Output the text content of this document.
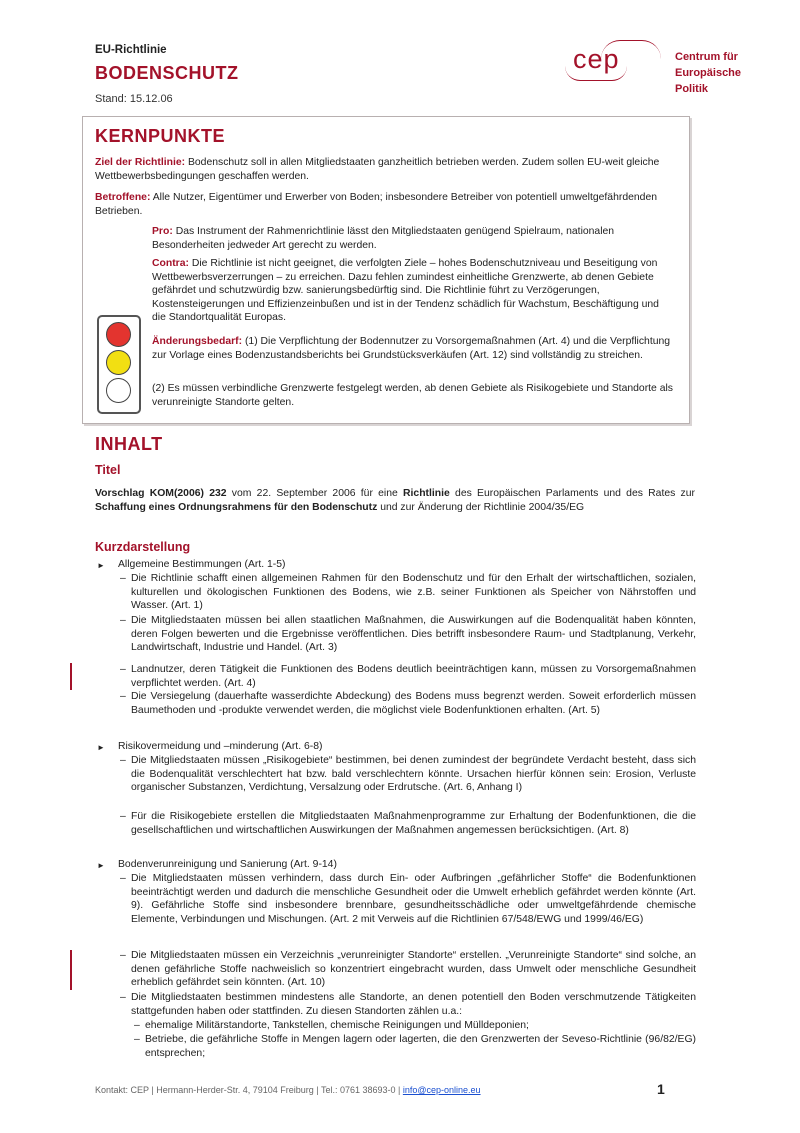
EU-Richtlinie
BODENSCHUTZ
Stand: 15.12.06
cep	Centrum für
Europäische
Politik
KERNPUNKTE
Ziel der Richtlinie: Bodenschutz soll in allen Mitgliedstaaten ganzheitlich betrieben werden. Zudem sollen EU-weit gleiche Wettbewerbsbedingungen geschaffen werden.
Betroffene: Alle Nutzer, Eigentümer und Erwerber von Boden; insbesondere Betreiber von potentiell umweltgefährdenden Betrieben.
Pro: Das Instrument der Rahmenrichtlinie lässt den Mitgliedstaaten genügend Spielraum, nationalen Besonderheiten jedweder Art gerecht zu werden.
Contra: Die Richtlinie ist nicht geeignet, die verfolgten Ziele – hohes Bodenschutzniveau und Beseitigung von Wettbewerbsverzerrungen – zu erreichen. Dazu fehlen zumindest einheitliche Grenzwerte, ab denen Gebiete gefährdet und schutzwürdig bzw. sanierungsbedürftig sind. Die Richtlinie führt zu Verzögerungen, Kostensteigerungen und Effizienzeinbußen und ist in der Tendenz schädlich für Wachstum, Beschäftigung und die Standortqualität Europas.
Änderungsbedarf: (1) Die Verpflichtung der Bodennutzer zu Vorsorgemaßnahmen (Art. 4) und die Verpflichtung zur Vorlage eines Bodenzustandsberichts bei Grundstücksverkäufen (Art. 12) sind vollständig zu streichen.
(2) Es müssen verbindliche Grenzwerte festgelegt werden, ab denen Gebiete als Risikogebiete und Standorte als verunreinigte Standorte gelten.
INHALT
Titel
Vorschlag KOM(2006) 232 vom 22. September 2006 für eine Richtlinie des Europäischen Parlaments und des Rates zur Schaffung eines Ordnungsrahmens für den Bodenschutz und zur Änderung der Richtlinie 2004/35/EG
Kurzdarstellung
► Allgemeine Bestimmungen (Art. 1-5)
– Die Richtlinie schafft einen allgemeinen Rahmen für den Bodenschutz und für den Erhalt der wirtschaftlichen, sozialen, kulturellen und ökologischen Funktionen des Bodens, wie z.B. seiner Funktionen als Speicher von Nährstoffen und Wasser. (Art. 1)
– Die Mitgliedstaaten müssen bei allen staatlichen Maßnahmen, die Auswirkungen auf die Bodenqualität haben könnten, deren Folgen bewerten und die Ergebnisse veröffentlichen. Dies betrifft insbesondere Raum- und Stadtplanung, Verkehr, Landwirtschaft, Industrie und Handel. (Art. 3)
– Landnutzer, deren Tätigkeit die Funktionen des Bodens deutlich beeinträchtigen kann, müssen zu Vorsorgemaßnahmen verpflichtet werden. (Art. 4)
– Die Versiegelung (dauerhafte wasserdichte Abdeckung) des Bodens muss begrenzt werden. Soweit erforderlich müssen Baumethoden und -produkte verwendet werden, die möglichst viele Bodenfunktionen erhalten. (Art. 5)
► Risikovermeidung und –minderung (Art. 6-8)
– Die Mitgliedstaaten müssen „Risikogebiete“ bestimmen, bei denen zumindest der begründete Verdacht besteht, dass sich die Bodenqualität verschlechtert hat bzw. bald verschlechtern könnte. Ursachen hierfür können sein: Erosion, Verluste organischer Substanzen, Verdichtung, Versalzung oder Erdrutsche. (Art. 6, Anhang I)
– Für die Risikogebiete erstellen die Mitgliedstaaten Maßnahmenprogramme zur Erhaltung der Bodenfunktionen, die die gesellschaftlichen und wirtschaftlichen Auswirkungen der Maßnahmen angemessen berücksichtigen. (Art. 8)
► Bodenverunreinigung und Sanierung (Art. 9-14)
– Die Mitgliedstaaten müssen verhindern, dass durch Ein- oder Aufbringen „gefährlicher Stoffe“ die Bodenfunktionen beeinträchtigt werden und dadurch die menschliche Gesundheit oder die Umwelt erheblich gefährdet werden könnte (Art. 9). Gefährliche Stoffe sind insbesondere brennbare, gesundheitsschädliche oder umweltgefährdende chemische Elemente, Verbindungen und Mischungen. (Art. 2 mit Verweis auf die Richtlinien 67/548/EWG und 1999/46/EG)
– Die Mitgliedstaaten müssen ein Verzeichnis „verunreinigter Standorte“ erstellen. „Verunreinigte Standorte“ sind solche, an denen gefährliche Stoffe nachweislich so konzentriert eingebracht wurden, dass Umwelt oder menschliche Gesundheit erheblich gefährdet sein könnten. (Art. 10)
– Die Mitgliedstaaten bestimmen mindestens alle Standorte, an denen potentiell den Boden verschmutzende Tätigkeiten stattgefunden haben oder stattfinden. Zu diesen Standorten zählen u.a.:
– ehemalige Militärstandorte, Tankstellen, chemische Reinigungen und Mülldeponien;
– Betriebe, die gefährliche Stoffe in Mengen lagern oder lagerten, die den Grenzwerten der Seveso-Richtlinie (96/82/EG) entsprechen;
Kontakt: CEP | Hermann-Herder-Str. 4, 79104 Freiburg | Tel.: 0761 38693-0 | info@cep-online.eu	1
